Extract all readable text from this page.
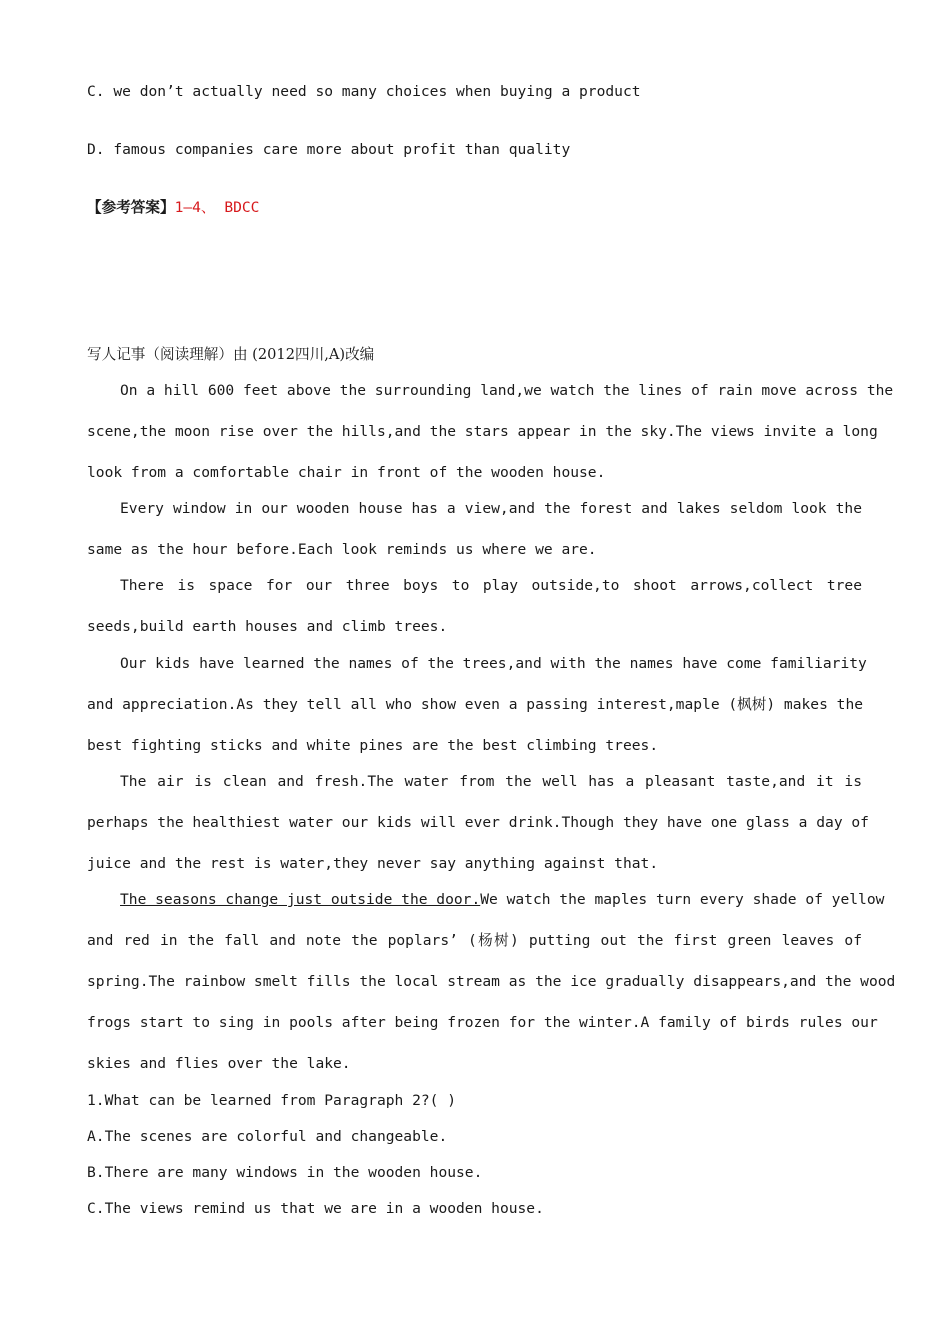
C. we don’t actually need so many choices when buying a product
D. famous companies care more about profit than quality
【参考答案】1—4、 BDCC
写人记事（阅读理解）由 (2012四川,A)改编
On a hill 600 feet above the surrounding land,we watch the lines of rain move across the
scene,the moon rise over the hills,and the stars appear in the sky.The views invite a long
look from a comfortable chair in front of the wooden house.
Every window in our wooden house has a view,and the forest and lakes seldom look the
same as the hour before.Each look reminds us where we are.
There is space for our three boys to play outside,to shoot arrows,collect tree
seeds,build earth houses and climb trees.
Our kids have learned the names of the trees,and with the names have come familiarity
and appreciation.As they tell all who show even a passing interest,maple (枫树) makes the
best fighting sticks and white pines are the best climbing trees.
The air is clean and fresh.The water from the well has a pleasant taste,and it is
perhaps the healthiest water our kids will ever drink.Though they have one glass a day of
juice and the rest is water,they never say anything against that.
The seasons change just outside the door.We watch the maples turn every shade of yellow
and red in the fall and note the poplars’ (杨树) putting out the first green leaves of
spring.The rainbow smelt fills the local stream as the ice gradually disappears,and the wood
frogs start to sing in pools after being frozen for the winter.A family of birds rules our
skies and flies over the lake.
1.What can be learned from Paragraph 2?( )
A.The scenes are colorful and changeable.
B.There are many windows in the wooden house.
C.The views remind us that we are in a wooden house.
